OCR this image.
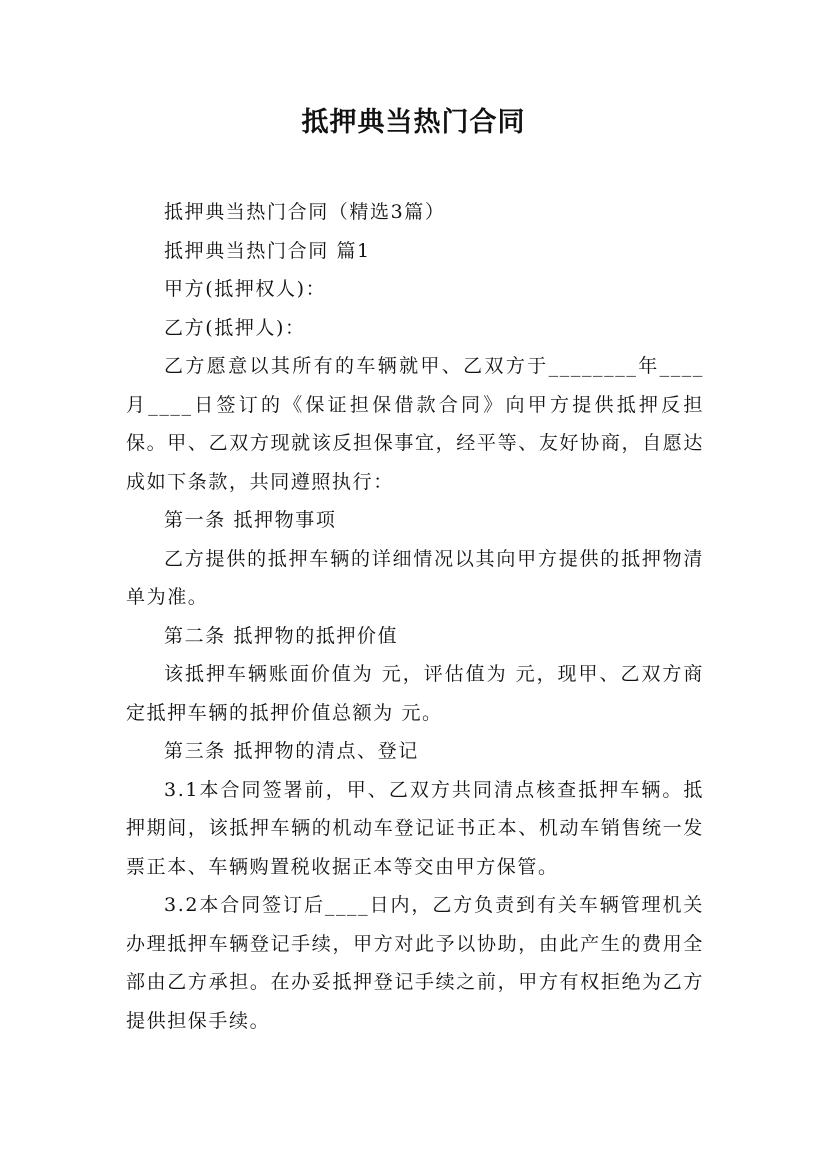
抵押典当热门合同

抵押典当热门合同（精选3篇）

抵押典当热门合同 篇1

甲方(抵押权人)：

乙方(抵押人)：

乙方愿意以其所有的车辆就甲、乙双方于________年____月____日签订的《保证担保借款合同》向甲方提供抵押反担保。甲、乙双方现就该反担保事宜，经平等、友好协商，自愿达成如下条款，共同遵照执行：

第一条 抵押物事项

乙方提供的抵押车辆的详细情况以其向甲方提供的抵押物清单为准。

第二条 抵押物的抵押价值

该抵押车辆账面价值为 元，评估值为 元，现甲、乙双方商定抵押车辆的抵押价值总额为 元。

第三条 抵押物的清点、登记

3.1本合同签署前，甲、乙双方共同清点核查抵押车辆。抵押期间，该抵押车辆的机动车登记证书正本、机动车销售统一发票正本、车辆购置税收据正本等交由甲方保管。

3.2本合同签订后____日内，乙方负责到有关车辆管理机关办理抵押车辆登记手续，甲方对此予以协助，由此产生的费用全部由乙方承担。在办妥抵押登记手续之前，甲方有权拒绝为乙方提供担保手续。
